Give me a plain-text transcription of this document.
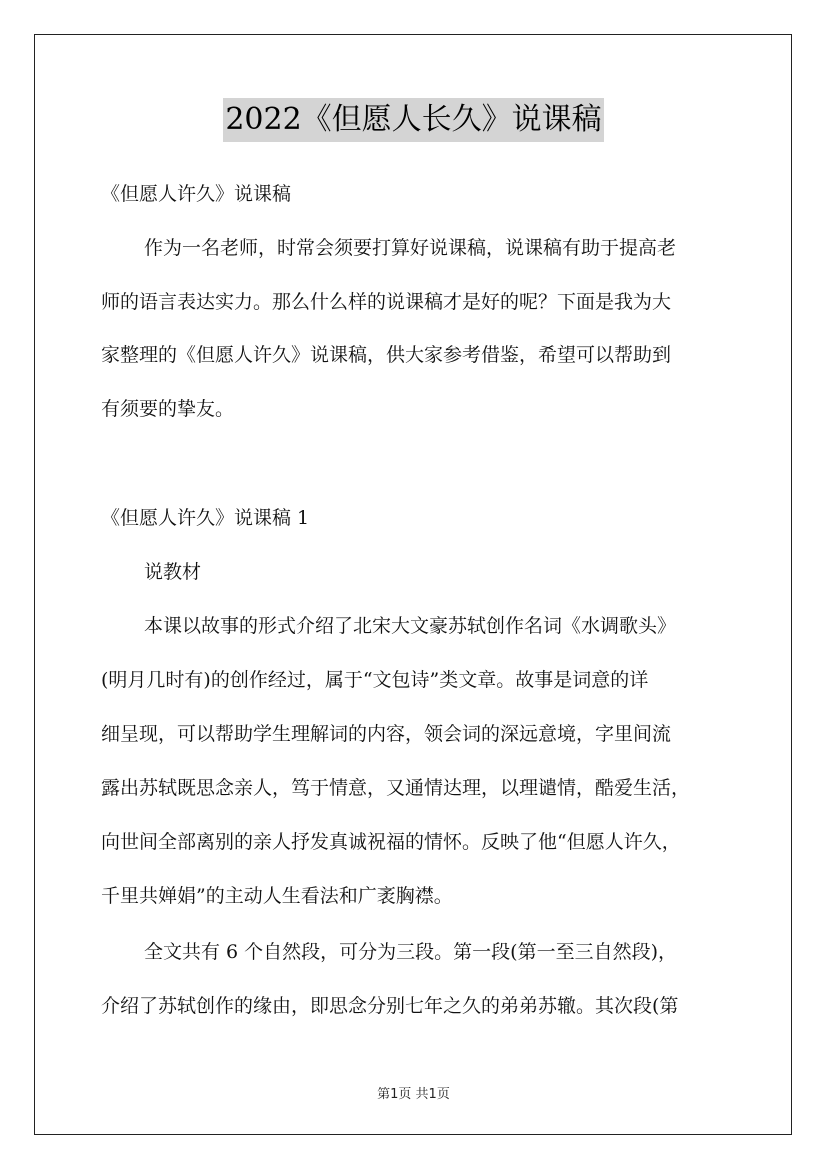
2022《但愿人长久》说课稿
《但愿人许久》说课稿
作为一名老师，时常会须要打算好说课稿，说课稿有助于提高老
师的语言表达实力。那么什么样的说课稿才是好的呢？下面是我为大
家整理的《但愿人许久》说课稿，供大家参考借鉴，希望可以帮助到
有须要的挚友。
《但愿人许久》说课稿 1
说教材
本课以故事的形式介绍了北宋大文豪苏轼创作名词《水调歌头》
(明月几时有)的创作经过，属于“文包诗”类文章。故事是词意的详
细呈现，可以帮助学生理解词的内容，领会词的深远意境，字里间流
露出苏轼既思念亲人，笃于情意，又通情达理，以理谴情，酷爱生活，
向世间全部离别的亲人抒发真诚祝福的情怀。反映了他“但愿人许久，
千里共婵娟”的主动人生看法和广袤胸襟。
全文共有 6 个自然段，可分为三段。第一段(第一至三自然段)，
介绍了苏轼创作的缘由，即思念分别七年之久的弟弟苏辙。其次段(第
第1页 共1页
